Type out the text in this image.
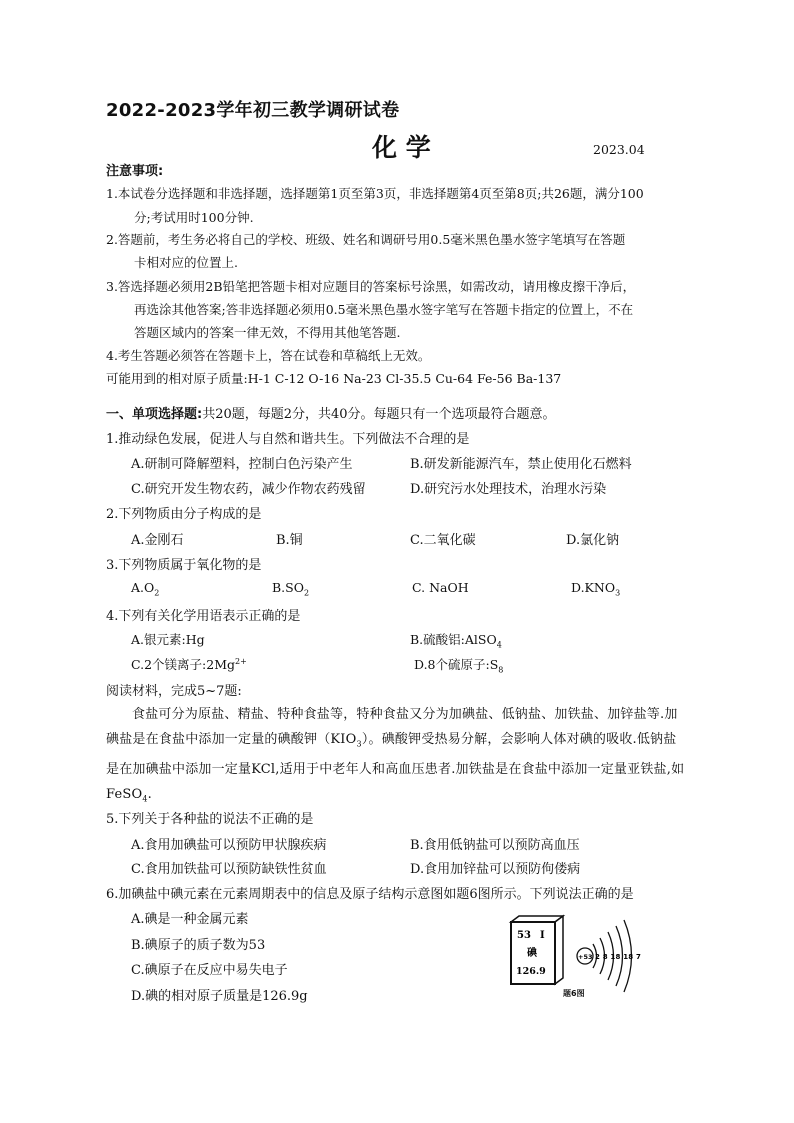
2022-2023学年初三教学调研试卷
化 学	2023.04
注意事项:
1.本试卷分选择题和非选择题，选择题第1页至第3页，非选择题第4页至第8页;共26题，满分100
分;考试用时100分钟.
2.答题前，考生务必将自己的学校、班级、姓名和调研号用0.5毫米黑色墨水签字笔填写在答题
卡相对应的位置上.
3.答选择题必须用2B铅笔把答题卡相对应题目的答案标号涂黑，如需改动，请用橡皮擦干净后，
再选涂其他答案;答非选择题必须用0.5毫米黑色墨水签字笔写在答题卡指定的位置上，不在
答题区域内的答案一律无效，不得用其他笔答题.
4.考生答题必须答在答题卡上，答在试卷和草稿纸上无效。
可能用到的相对原子质量:H-1 C-12 O-16 Na-23 Cl-35.5 Cu-64 Fe-56 Ba-137
一、单项选择题:共20题，每题2分，共40分。每题只有一个选项最符合题意。
1.推动绿色发展，促进人与自然和谐共生。下列做法不合理的是
A.研制可降解塑料，控制白色污染产生	B.研发新能源汽车，禁止使用化石燃料
C.研究开发生物农药，减少作物农药残留	D.研究污水处理技术，治理水污染
2.下列物质由分子构成的是
A.金刚石	B.铜	C.二氧化碳	D.氯化钠
3.下列物质属于氧化物的是
$A.O_2$	$B.SO_2$	C. NaOH	$D.KNO_3$
4.下列有关化学用语表示正确的是
A.银元素:Hg	B.硫酸铝:AlSO$_4$
C.2个镁离子$:2Mg^{2+}$	D.8个硫原子$:S_8$
阅读材料，完成5~7题:
食盐可分为原盐、精盐、特种食盐等，特种食盐又分为加碘盐、低钠盐、加铁盐、加锌盐等.加碘盐是在食盐中添加一定量的碘酸钾$(KIO_3)$。碘酸钾受热易分解，会影响人体对碘的吸收.低钠盐是在加碘盐中添加一定量KCl,适用于中老年人和高血压患者.加铁盐是在食盐中添加一定量亚铁盐,如 FeSO$_4$.
5.下列关于各种盐的说法不正确的是
A.食用加碘盐可以预防甲状腺疾病	B.食用低钠盐可以预防高血压
C.食用加铁盐可以预防缺铁性贫血	D.食用加锌盐可以预防佝偻病
6.加碘盐中碘元素在元素周期表中的信息及原子结构示意图如题6图所示。下列说法正确的是
A.碘是一种金属元素
B.碘原子的质子数为53
C.碘原子在反应中易失电子
D.碘的相对原子质量是126.9g
53 I
碘
126.9
+53 2 8 18 18 7
题6图
